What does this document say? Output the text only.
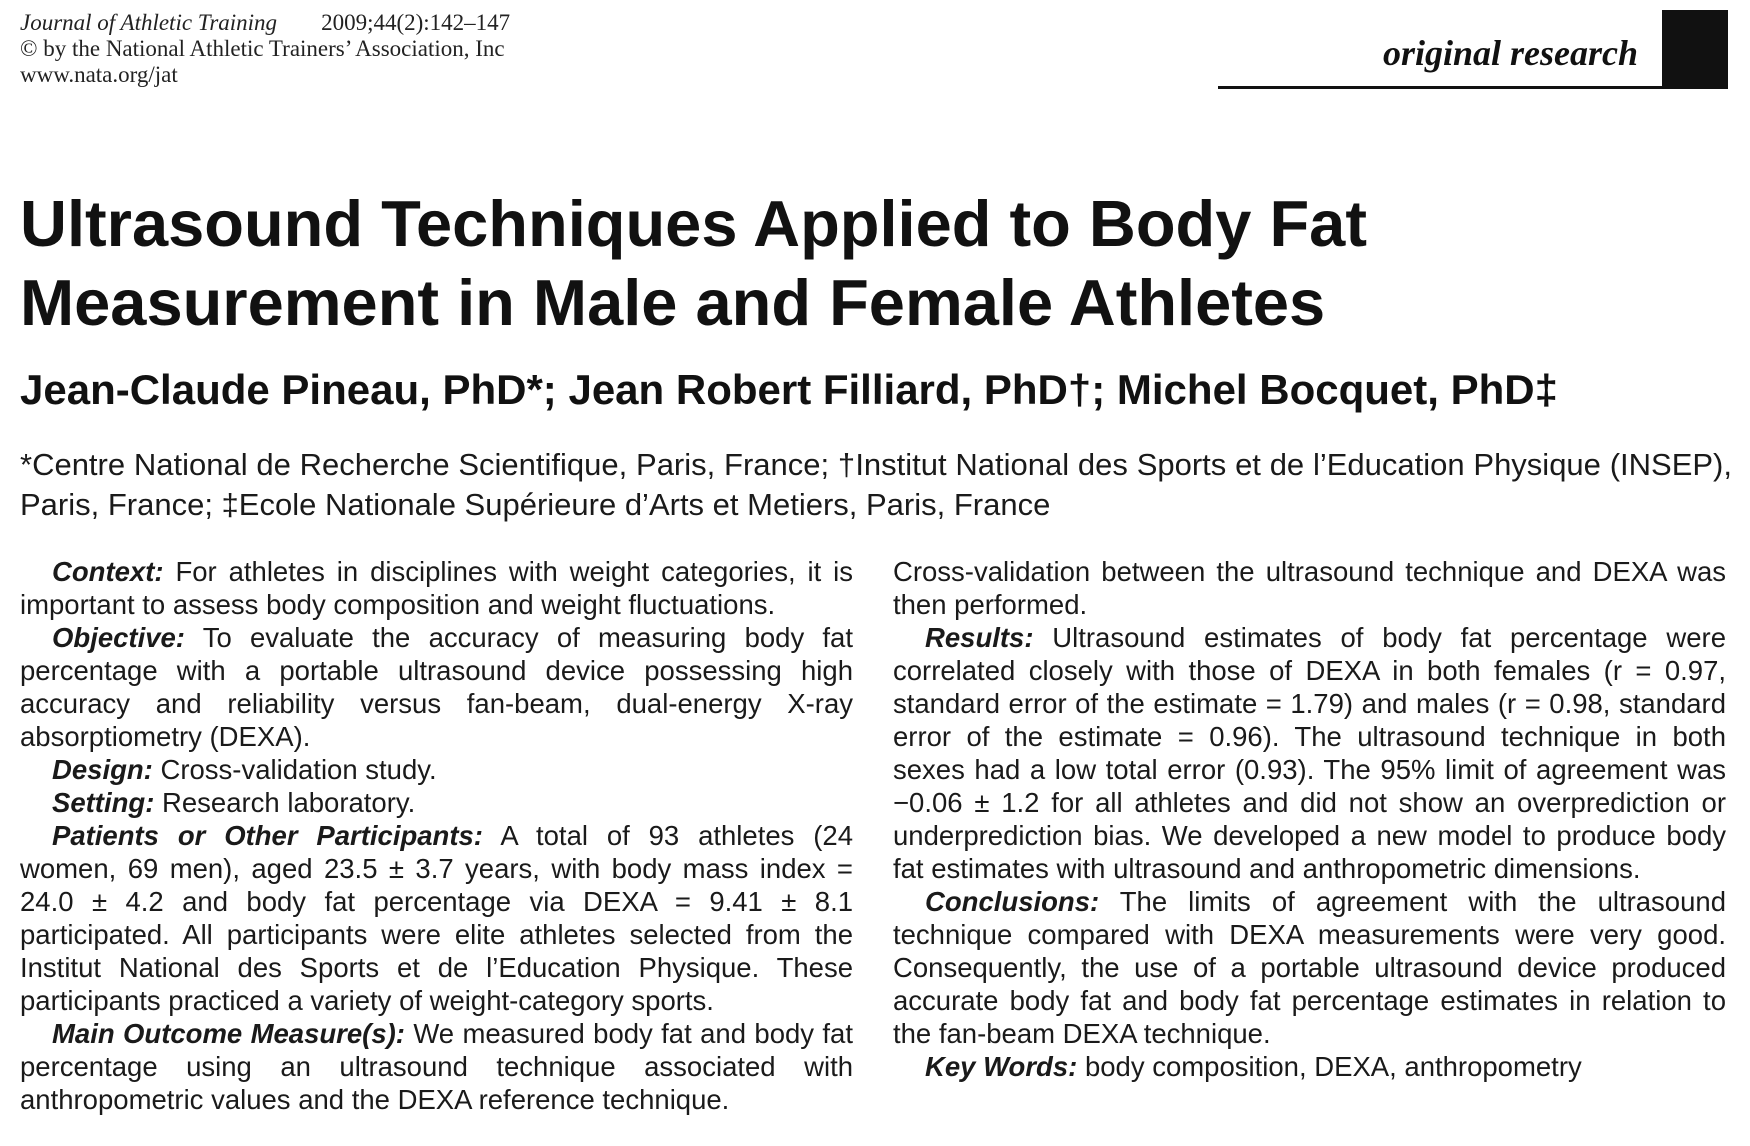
Journal of Athletic Training 2009;44(2):142–147
© by the National Athletic Trainers’ Association, Inc
www.nata.org/jat
original research
Ultrasound Techniques Applied to Body Fat Measurement in Male and Female Athletes
Jean-Claude Pineau, PhD*; Jean Robert Filliard, PhD†; Michel Bocquet, PhD‡
*Centre National de Recherche Scientifique, Paris, France; †Institut National des Sports et de l’Education Physique (INSEP), Paris, France; ‡Ecole Nationale Supérieure d’Arts et Metiers, Paris, France

Context: For athletes in disciplines with weight categories, it is important to assess body composition and weight fluctuations.

Objective: To evaluate the accuracy of measuring body fat percentage with a portable ultrasound device possessing high accuracy and reliability versus fan-beam, dual-energy X-ray absorptiometry (DEXA).

Design: Cross-validation study.

Setting: Research laboratory.

Patients or Other Participants: A total of 93 athletes (24 women, 69 men), aged 23.5 ± 3.7 years, with body mass index = 24.0 ± 4.2 and body fat percentage via DEXA = 9.41 ± 8.1 participated. All participants were elite athletes selected from the Institut National des Sports et de l’Education Physique. These participants practiced a variety of weight-category sports.

Main Outcome Measure(s): We measured body fat and body fat percentage using an ultrasound technique associated with anthropometric values and the DEXA reference technique.

Cross-validation between the ultrasound technique and DEXA was then performed.

Results: Ultrasound estimates of body fat percentage were correlated closely with those of DEXA in both females (r = 0.97, standard error of the estimate = 1.79) and males (r = 0.98, standard error of the estimate = 0.96). The ultrasound technique in both sexes had a low total error (0.93). The 95% limit of agreement was −0.06 ± 1.2 for all athletes and did not show an overprediction or underprediction bias. We developed a new model to produce body fat estimates with ultrasound and anthropometric dimensions.

Conclusions: The limits of agreement with the ultrasound technique compared with DEXA measurements were very good. Consequently, the use of a portable ultrasound device produced accurate body fat and body fat percentage estimates in relation to the fan-beam DEXA technique.

Key Words: body composition, DEXA, anthropometry
